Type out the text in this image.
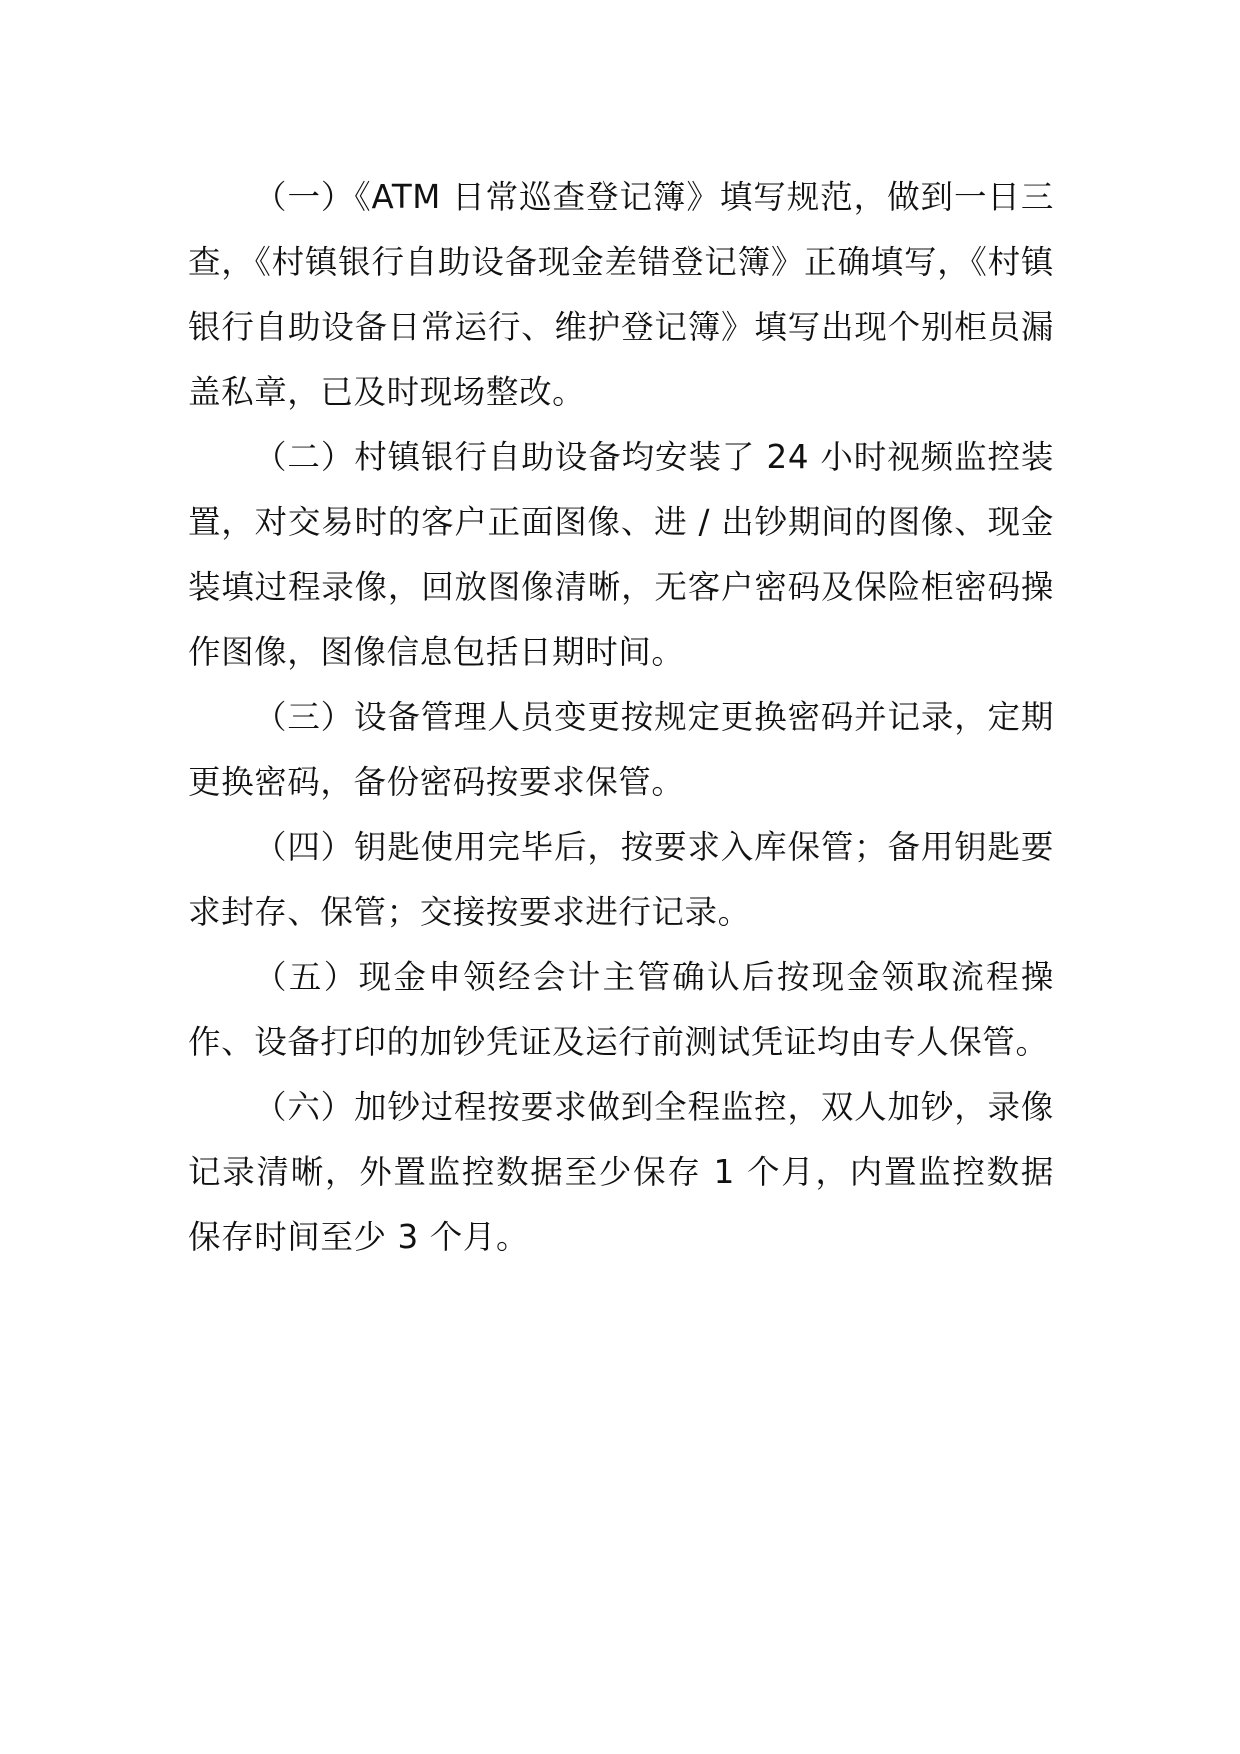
（一）《ATM 日常巡查登记簿》填写规范，做到一日三查，《村镇银行自助设备现金差错登记簿》正确填写，《村镇银行自助设备日常运行、维护登记簿》填写出现个别柜员漏盖私章，已及时现场整改。

（二）村镇银行自助设备均安装了 24 小时视频监控装置，对交易时的客户正面图像、进 / 出钞期间的图像、现金装填过程录像，回放图像清晰，无客户密码及保险柜密码操作图像，图像信息包括日期时间。

（三）设备管理人员变更按规定更换密码并记录，定期更换密码，备份密码按要求保管。

（四）钥匙使用完毕后，按要求入库保管；备用钥匙要求封存、保管；交接按要求进行记录。

（五）现金申领经会计主管确认后按现金领取流程操作、设备打印的加钞凭证及运行前测试凭证均由专人保管。

（六）加钞过程按要求做到全程监控，双人加钞，录像记录清晰，外置监控数据至少保存 1 个月，内置监控数据保存时间至少 3 个月。
